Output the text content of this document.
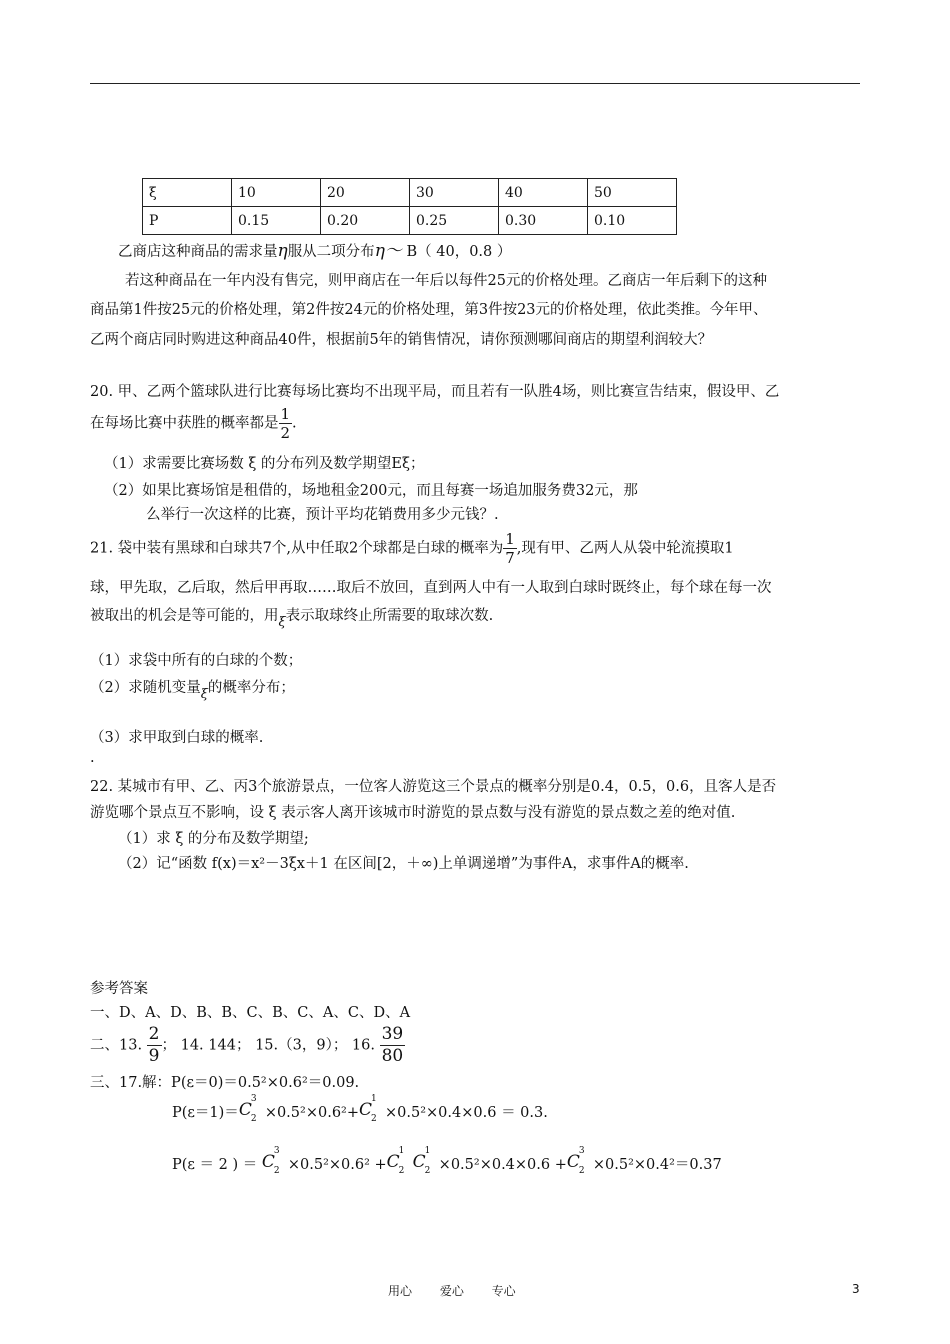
ξ	10	20	30	40	50
P	0.15	0.20	0.25	0.30	0.10
乙商店这种商品的需求量η服从二项分布η～ B（ 40，0.8 ）
若这种商品在一年内没有售完，则甲商店在一年后以每件25元的价格处理。乙商店一年后剩下的这种
商品第1件按25元的价格处理，第2件按24元的价格处理，第3件按23元的价格处理，依此类推。今年甲、
乙两个商店同时购进这种商品40件，根据前5年的销售情况，请你预测哪间商店的期望利润较大？
20. 甲、乙两个篮球队进行比赛每场比赛均不出现平局，而且若有一队胜4场，则比赛宣告结束，假设甲、乙
在每场比赛中获胜的概率都是 $\frac{1}{2}$ .
（1）求需要比赛场数 ξ 的分布列及数学期望Eξ；
（2）如果比赛场馆是租借的，场地租金200元，而且每赛一场追加服务费32元，那
么举行一次这样的比赛，预计平均花销费用多少元钱？.
21. 袋中装有黑球和白球共7个,从中任取2个球都是白球的概率为 $\frac{1}{7}$ ,现有甲、乙两人从袋中轮流摸取1
球，甲先取，乙后取，然后甲再取……取后不放回，直到两人中有一人取到白球时既终止，每个球在每一次
被取出的机会是等可能的，用ξ表示取球终止所需要的取球次数.
（1）求袋中所有的白球的个数；
（2）求随机变量ξ的概率分布；
（3）求甲取到白球的概率.
.
22. 某城市有甲、乙、丙3个旅游景点，一位客人游览这三个景点的概率分别是0.4，0.5，0.6，且客人是否
游览哪个景点互不影响，设 ξ 表示客人离开该城市时游览的景点数与没有游览的景点数之差的绝对值.
（1）求 ξ 的分布及数学期望;
（2）记“函数 f(x)＝x²－3ξx＋1 在区间[2，＋∞)上单调递增”为事件A，求事件A的概率.
参考答案
一、D、A、D、B、B、C、B、C、A、C、D、A
二、13. $\frac{2}{9}$ ； 14. 144； 15.（3，9）； 16. $\frac{39}{80}$
三、17.解：P(ε＝0)＝0.5²×0.6²＝0.09.
P(ε＝1)＝C
3
2 ×0.5²×0.6²+C
1
2 ×0.5²×0.4×0.6 ＝ 0.3.
P(ε ＝ 2 ) ＝ C
3
2 ×0.5²×0.6² +C
1
2 C
1
2 ×0.5²×0.4×0.6 +C
3
2 ×0.5²×0.4²＝0.37
用心 爱心 专心	3
